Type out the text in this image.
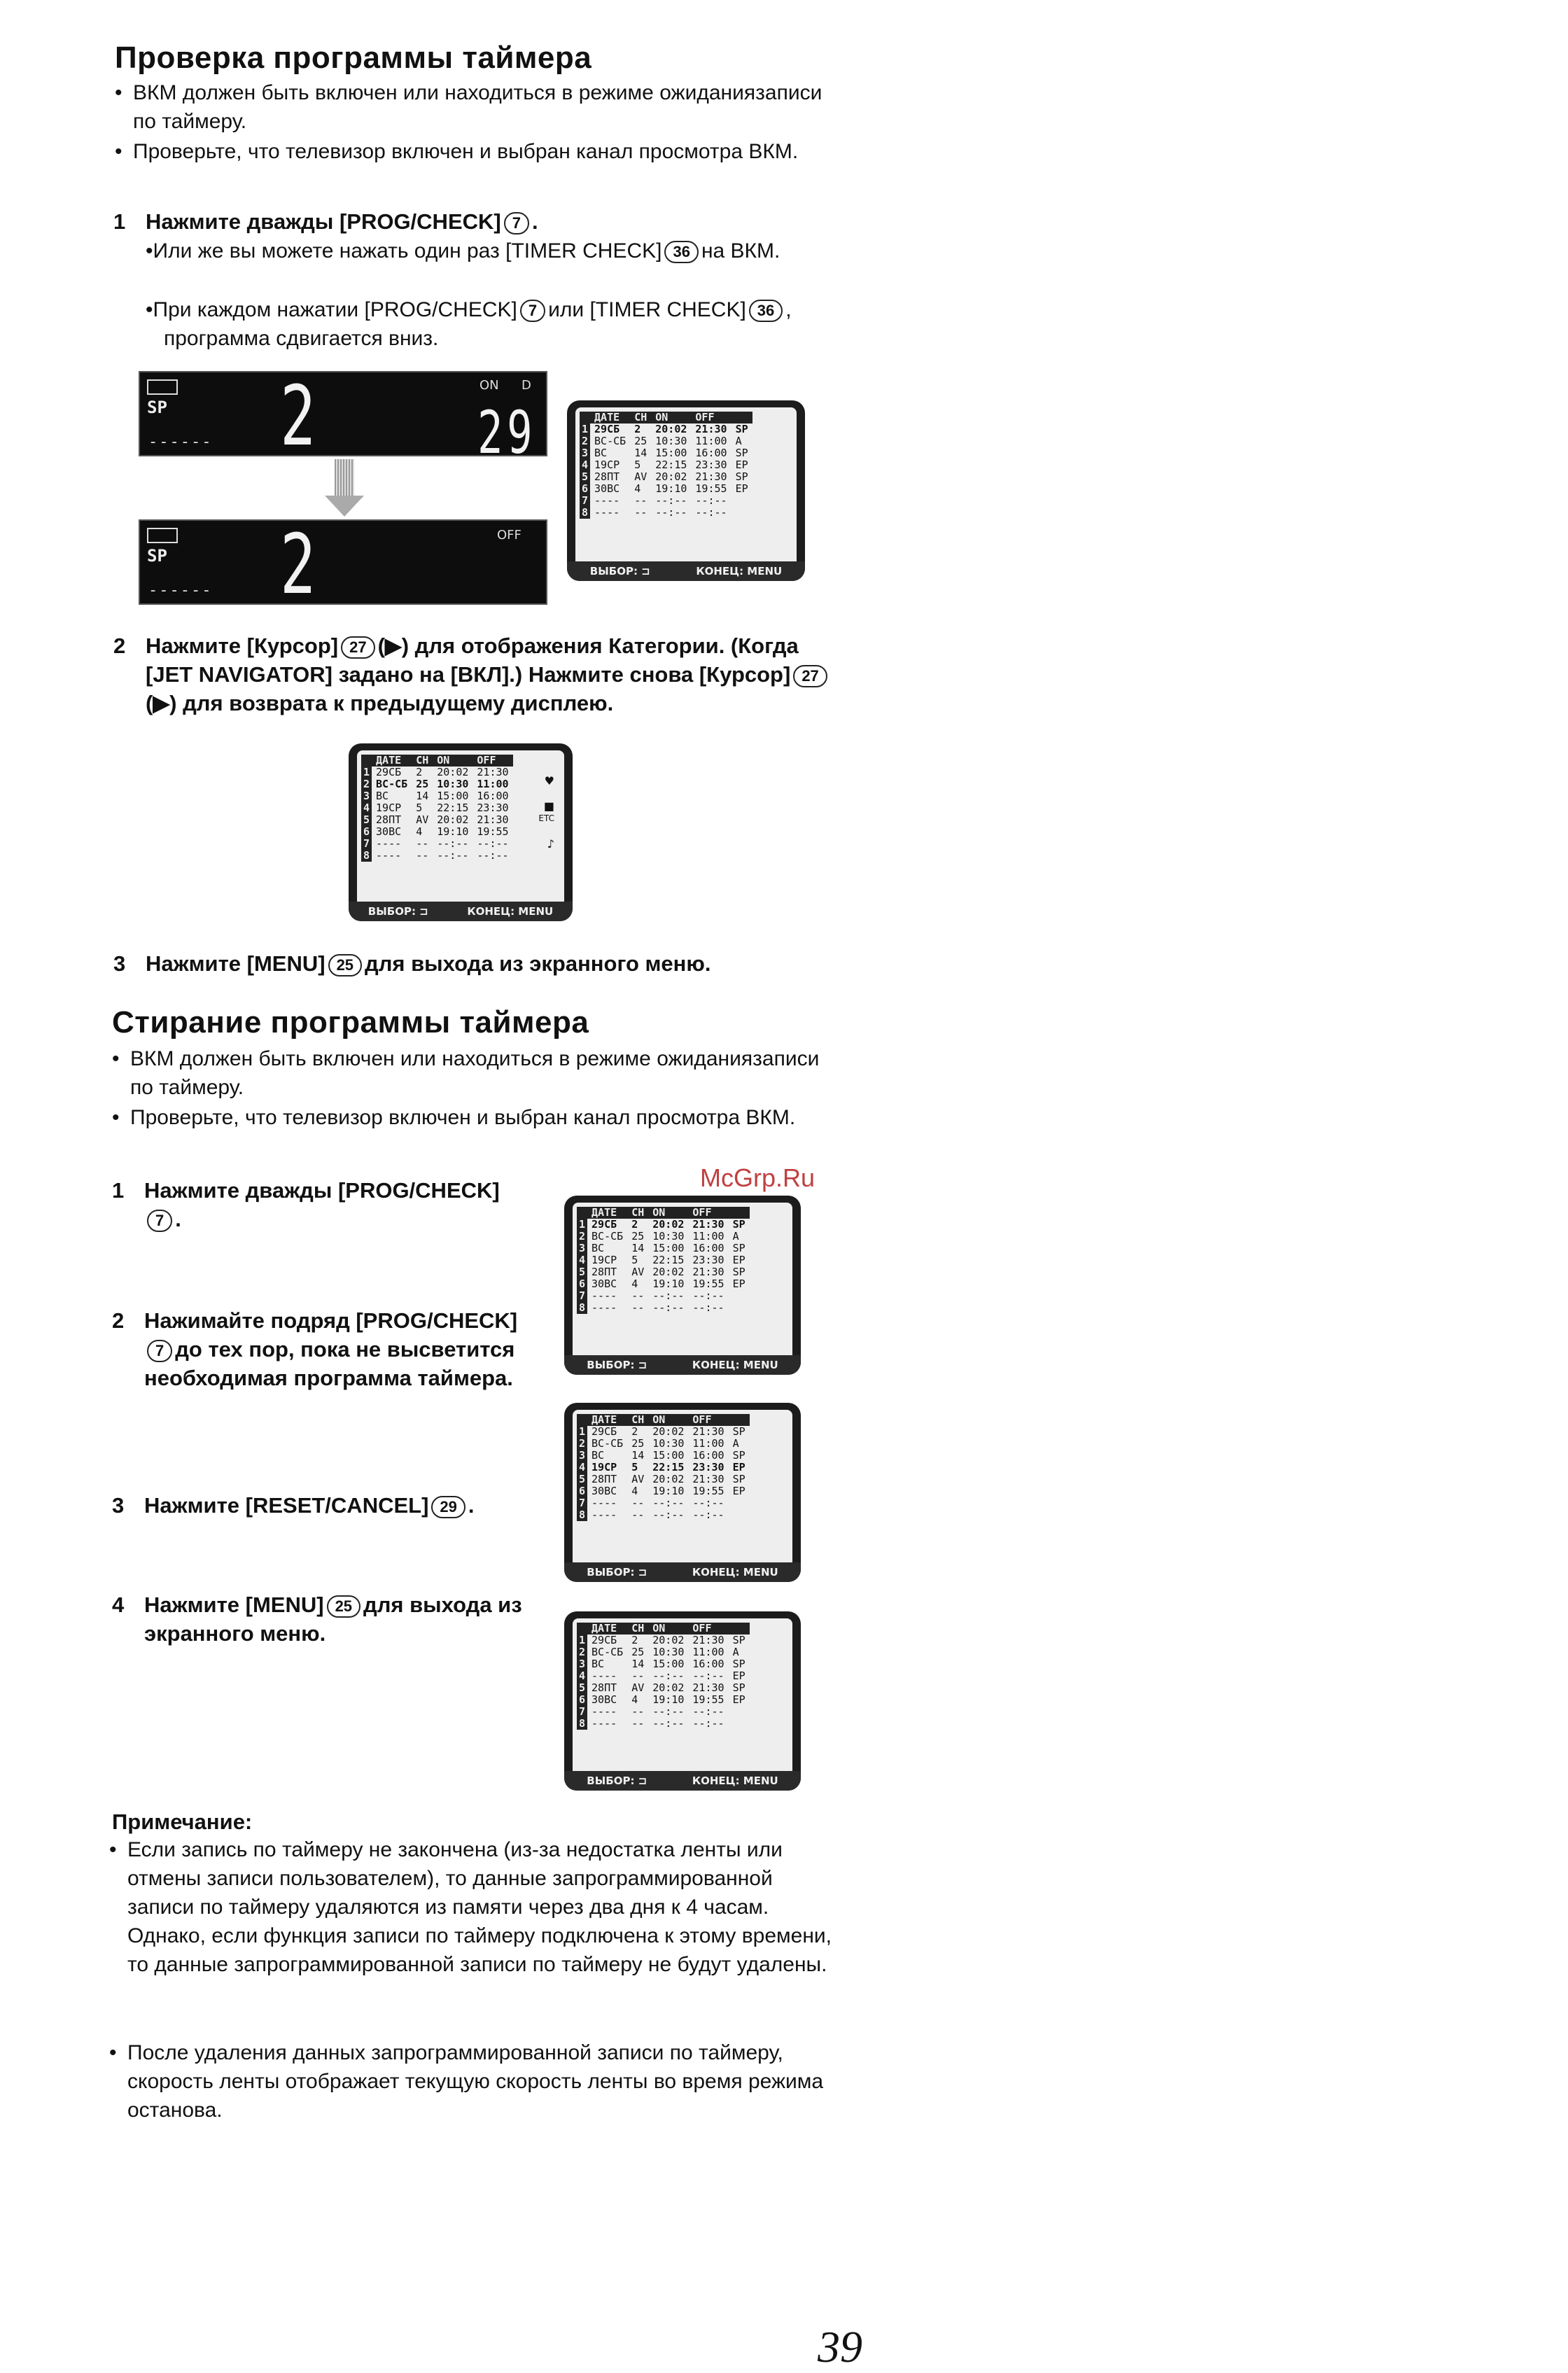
Проверка программы таймера
• ВКМ должен быть включен или находиться в режиме ожиданиязаписи по таймеру.
• Проверьте, что телевизор включен и выбран канал просмотра ВКМ.
1 Нажмите дважды [PROG/CHECK] 7 .
•Или же вы можете нажать один раз [TIMER CHECK] 36 на ВКМ.
•При каждом нажатии [PROG/CHECK] 7 или [TIMER CHECK] 36 , программа сдвигается вниз.
SP 2	ON D
29
------
SP 2	OFF
------
	ДАТЕ	CH	ON	OFF	
1	29СБ	2	20:02	21:30	SP
2	ВС-СБ	25	10:30	11:00	A
3	ВС	14	15:00	16:00	SP
4	19СР	5	22:15	23:30	EP
5	28ПТ	AV	20:02	21:30	SP
6	30ВС	4	19:10	19:55	EP
7	----	--	--:--	--:--	
8	----	--	--:--	--:--	
ВЫБОР: ⊐	КОНЕЦ: MENU
2 Нажмите [Курсор] 27 (▶) для отображения Категории. (Когда [JET NAVIGATOR] задано на [ВКЛ].) Нажмите снова [Курсор] 27(▶) для возврата к предыдущему дисплею.
	ДАТЕ	CH	ON	OFF
1	29СБ	2	20:02	21:30
2	ВС-СБ	25	10:30	11:00
3	ВС	14	15:00	16:00
4	19СР	5	22:15	23:30
5	28ПТ	AV	20:02	21:30
6	30ВС	4	19:10	19:55
7	----	--	--:--	--:--
8	----	--	--:--	--:--
♥
■
ETC
♪
ВЫБОР: ⊐	КОНЕЦ: MENU
3 Нажмите [MENU] 25 для выхода из экранного меню.
Стирание программы таймера
• ВКМ должен быть включен или находиться в режиме ожиданиязаписи по таймеру.
• Проверьте, что телевизор включен и выбран канал просмотра ВКМ.
McGrp.Ru
1 Нажмите дважды [PROG/CHECK]
7 .
2 Нажимайте подряд [PROG/CHECK] 7 до тех пор, пока не высветится необходимая программа таймера.
3 Нажмите [RESET/CANCEL] 29 .
4 Нажмите [MENU] 25 для выхода из экранного меню.
	ДАТЕ	CH	ON	OFF	
1	29СБ	2	20:02	21:30	SP
2	ВС-СБ	25	10:30	11:00	A
3	ВС	14	15:00	16:00	SP
4	19СР	5	22:15	23:30	EP
5	28ПТ	AV	20:02	21:30	SP
6	30ВС	4	19:10	19:55	EP
7	----	--	--:--	--:--	
8	----	--	--:--	--:--	
ВЫБОР: ⊐	КОНЕЦ: MENU
	ДАТЕ	CH	ON	OFF	
1	29СБ	2	20:02	21:30	SP
2	ВС-СБ	25	10:30	11:00	A
3	ВС	14	15:00	16:00	SP
4	19СР	5	22:15	23:30	EP
5	28ПТ	AV	20:02	21:30	SP
6	30ВС	4	19:10	19:55	EP
7	----	--	--:--	--:--	
8	----	--	--:--	--:--	
ВЫБОР: ⊐	КОНЕЦ: MENU
	ДАТЕ	CH	ON	OFF	
1	29СБ	2	20:02	21:30	SP
2	ВС-СБ	25	10:30	11:00	A
3	ВС	14	15:00	16:00	SP
4	----	--	--:--	--:--	EP
5	28ПТ	AV	20:02	21:30	SP
6	30ВС	4	19:10	19:55	EP
7	----	--	--:--	--:--	
8	----	--	--:--	--:--	
ВЫБОР: ⊐	КОНЕЦ: MENU
Примечание:
• Если запись по таймеру не закончена (из-за недостатка ленты или отмены записи пользователем), то данные запрограммированной записи по таймеру удаляются из памяти через два дня к 4 часам.
Однако, если функция записи по таймеру подключена к этому времени, то данные запрограммированной записи по таймеру не будут удалены.
• После удаления данных запрограммированной записи по таймеру, скорость ленты отображает текущую скорость ленты во время режима останова.
39
